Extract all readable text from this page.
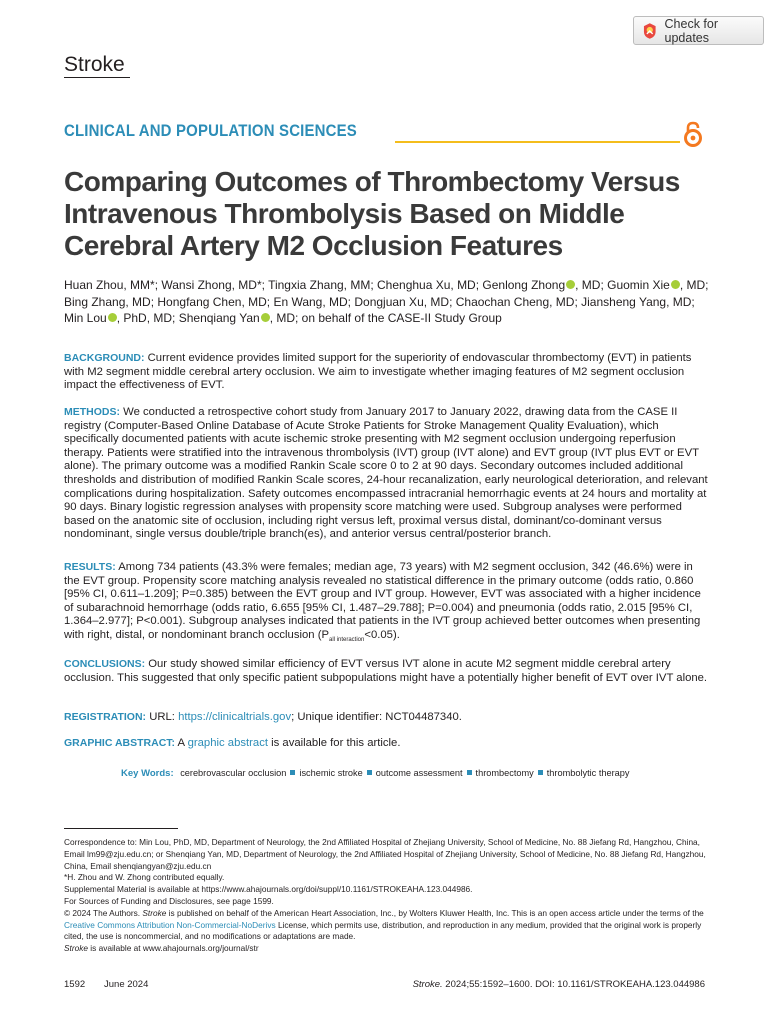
Check for updates
Stroke
CLINICAL AND POPULATION SCIENCES
Comparing Outcomes of Thrombectomy Versus Intravenous Thrombolysis Based on Middle Cerebral Artery M2 Occlusion Features
Huan Zhou, MM*; Wansi Zhong, MD*; Tingxia Zhang, MM; Chenghua Xu, MD; Genlong Zhong , MD; Guomin Xie , MD;
Bing Zhang, MD; Hongfang Chen, MD; En Wang, MD; Dongjuan Xu, MD; Chaochan Cheng, MD; Jiansheng Yang, MD;
Min Lou , PhD, MD; Shenqiang Yan , MD; on behalf of the CASE-II Study Group

BACKGROUND: Current evidence provides limited support for the superiority of endovascular thrombectomy (EVT) in patients with M2 segment middle cerebral artery occlusion. We aim to investigate whether imaging features of M2 segment occlusion impact the effectiveness of EVT.

METHODS: We conducted a retrospective cohort study from January 2017 to January 2022, drawing data from the CASE II registry (Computer-Based Online Database of Acute Stroke Patients for Stroke Management Quality Evaluation), which specifically documented patients with acute ischemic stroke presenting with M2 segment occlusion undergoing reperfusion therapy. Patients were stratified into the intravenous thrombolysis (IVT) group (IVT alone) and EVT group (IVT plus EVT or EVT alone). The primary outcome was a modified Rankin Scale score 0 to 2 at 90 days. Secondary outcomes included additional thresholds and distribution of modified Rankin Scale scores, 24-hour recanalization, early neurological deterioration, and relevant complications during hospitalization. Safety outcomes encompassed intracranial hemorrhagic events at 24 hours and mortality at 90 days. Binary logistic regression analyses with propensity score matching were used. Subgroup analyses were performed based on the anatomic site of occlusion, including right versus left, proximal versus distal, dominant/co-dominant versus nondominant, single versus double/triple branch(es), and anterior versus central/posterior branch.

RESULTS: Among 734 patients (43.3% were females; median age, 73 years) with M2 segment occlusion, 342 (46.6%) were in the EVT group. Propensity score matching analysis revealed no statistical difference in the primary outcome (odds ratio, 0.860 [95% CI, 0.611–1.209]; P=0.385) between the EVT group and IVT group. However, EVT was associated with a higher incidence of subarachnoid hemorrhage (odds ratio, 6.655 [95% CI, 1.487–29.788]; P=0.004) and pneumonia (odds ratio, 2.015 [95% CI, 1.364–2.977]; P<0.001). Subgroup analyses indicated that patients in the IVT group achieved better outcomes when presenting with right, distal, or nondominant branch occlusion $(P_{all interaction}<0.05)$.

CONCLUSIONS: Our study showed similar efficiency of EVT versus IVT alone in acute M2 segment middle cerebral artery occlusion. This suggested that only specific patient subpopulations might have a potentially higher benefit of EVT over IVT alone.

REGISTRATION: URL: https://clinicaltrials.gov; Unique identifier: NCT04487340.

GRAPHIC ABSTRACT: A graphic abstract is available for this article.

Key Words: cerebrovascular occlusion ischemic stroke outcome assessment thrombectomy thrombolytic therapy
Correspondence to: Min Lou, PhD, MD, Department of Neurology, the 2nd Affiliated Hospital of Zhejiang University, School of Medicine, No. 88 Jiefang Rd, Hangzhou, China, Email lm99@zju.edu.cn; or Shenqiang Yan, MD, Department of Neurology, the 2nd Affiliated Hospital of Zhejiang University, School of Medicine, No. 88 Jiefang Rd, Hangzhou, China, Email shenqiangyan@zju.edu.cn
*H. Zhou and W. Zhong contributed equally.
Supplemental Material is available at https://www.ahajournals.org/doi/suppl/10.1161/STROKEAHA.123.044986.
For Sources of Funding and Disclosures, see page 1599.
© 2024 The Authors. Stroke is published on behalf of the American Heart Association, Inc., by Wolters Kluwer Health, Inc. This is an open access article under the terms of the Creative Commons Attribution Non-Commercial-NoDerivs License, which permits use, distribution, and reproduction in any medium, provided that the original work is properly cited, the use is noncommercial, and no modifications or adaptations are made.
Stroke is available at www.ahajournals.org/journal/str
1592 June 2024	Stroke. 2024;55:1592–1600. DOI: 10.1161/STROKEAHA.123.044986
